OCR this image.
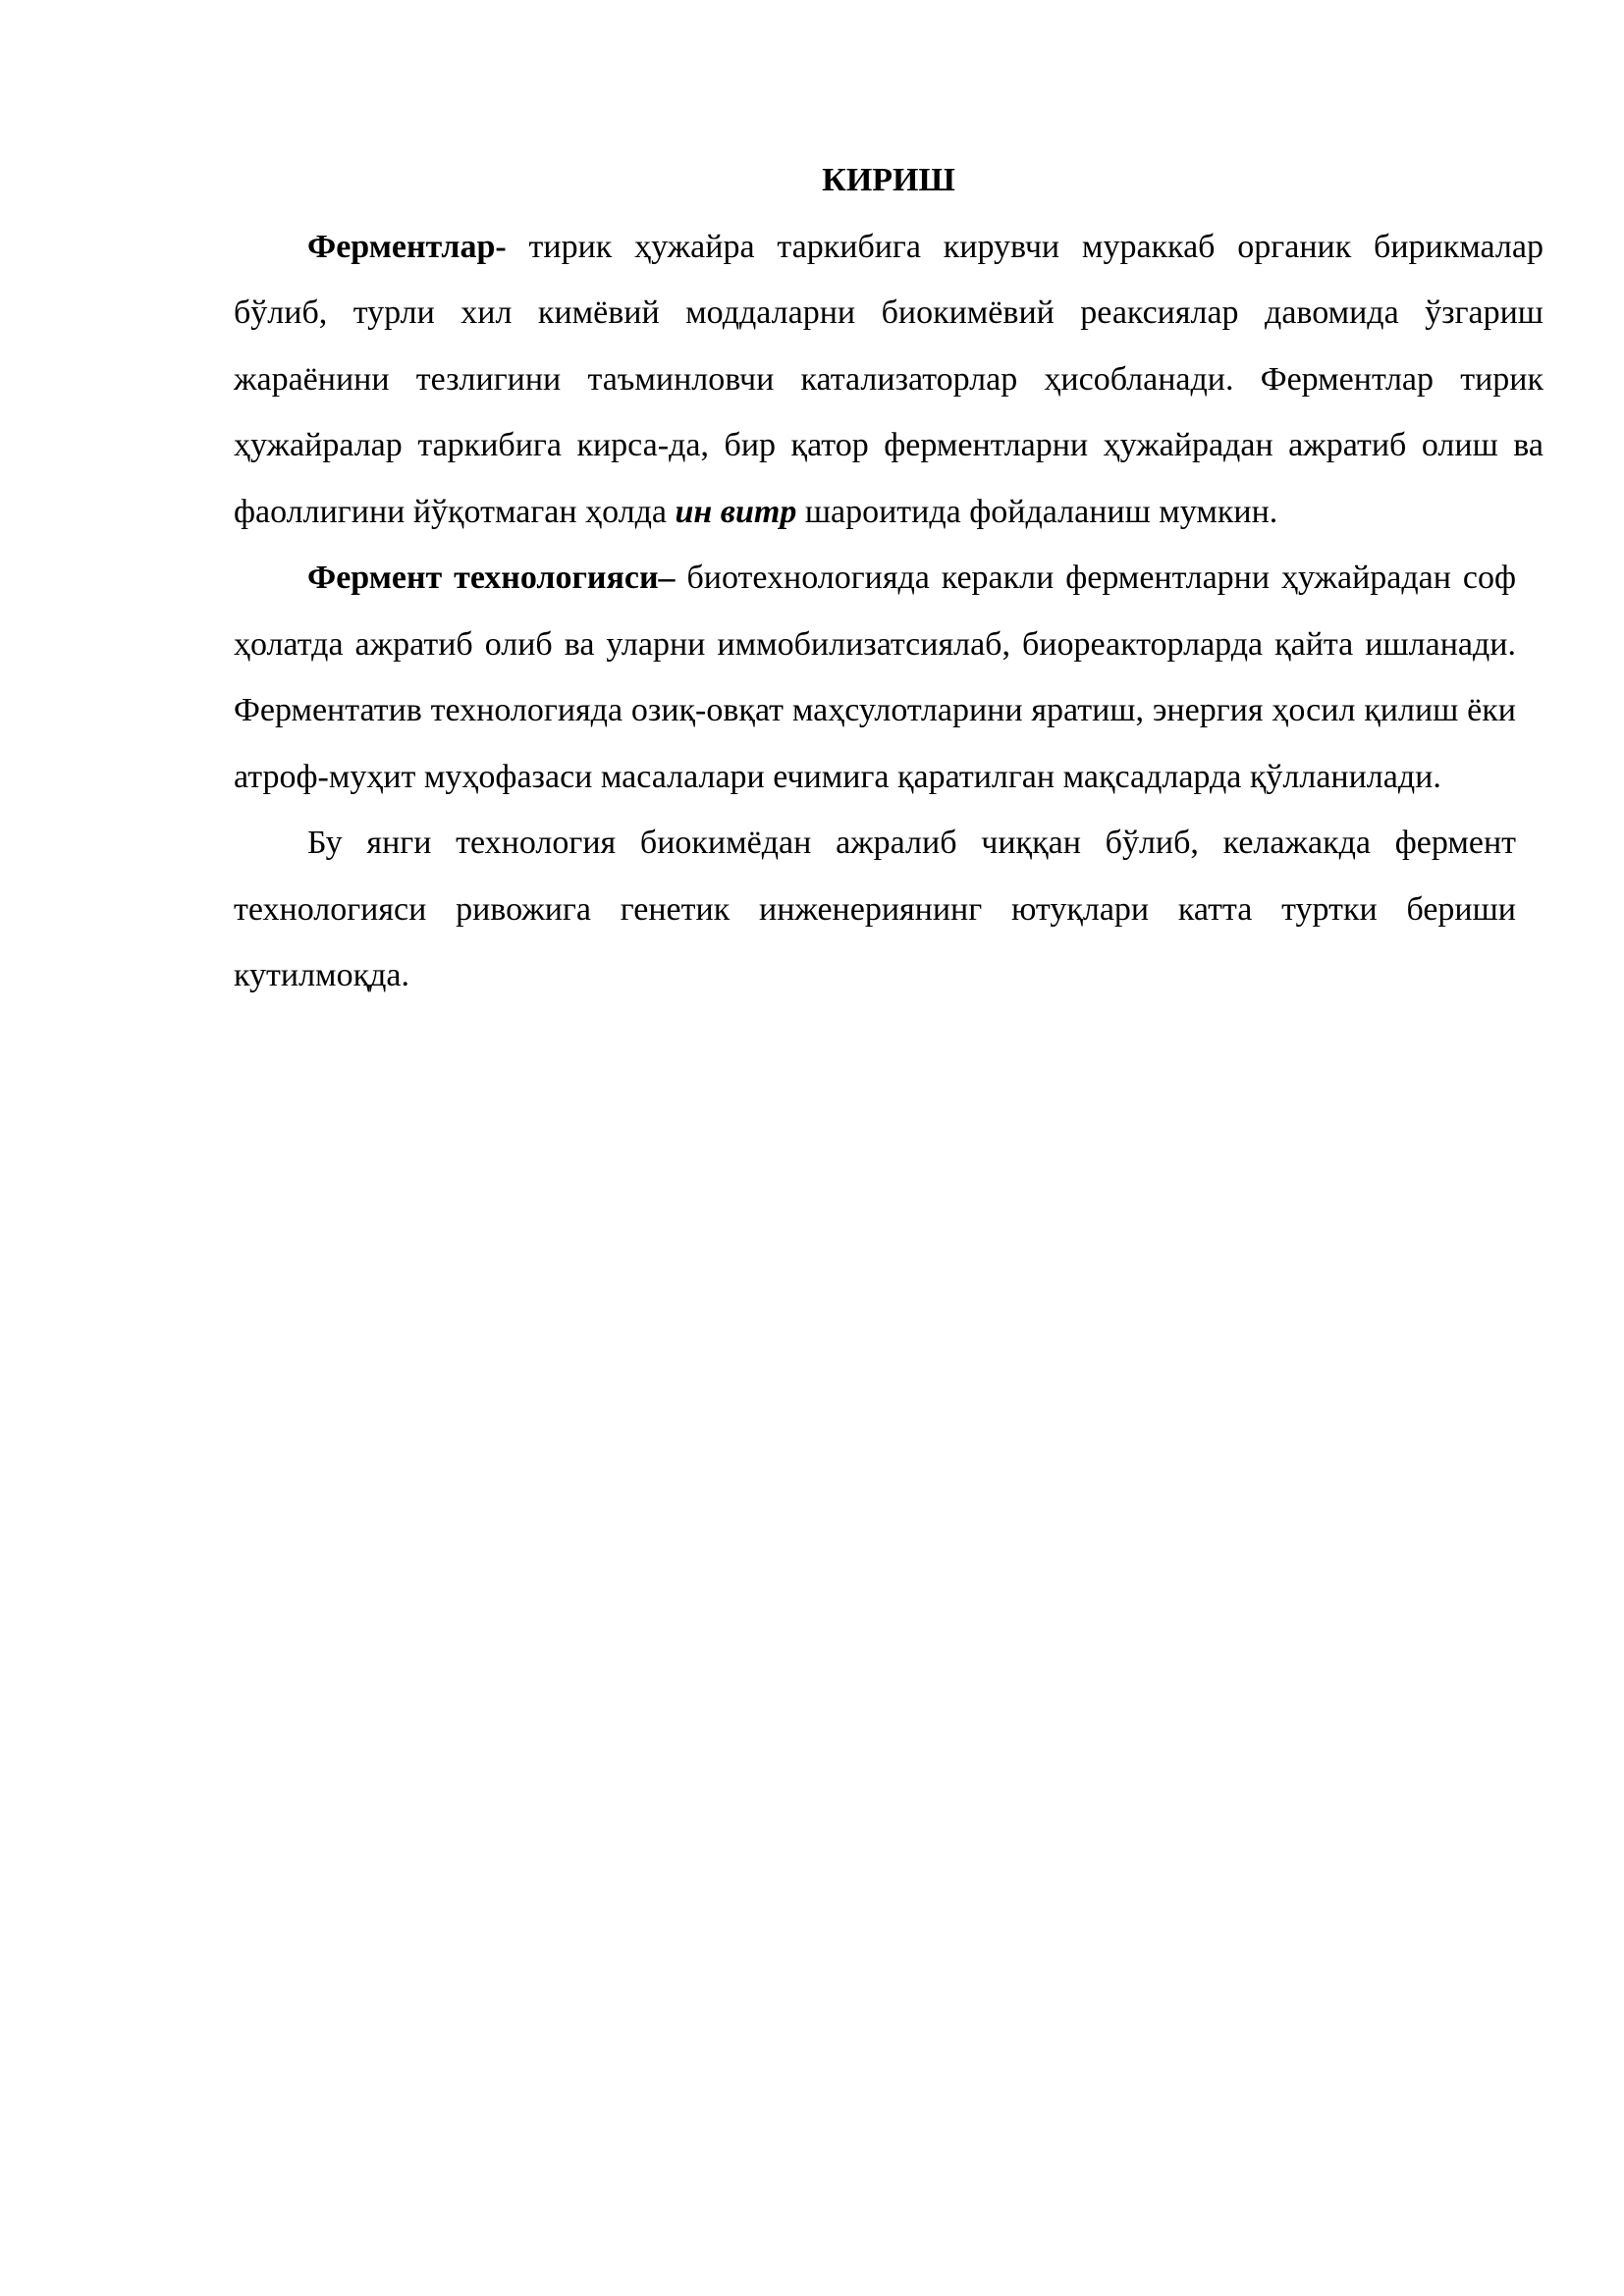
КИРИШ

Ферментлар- тирик ҳужайра таркибига кирувчи мураккаб органик бирикмалар бўлиб, турли хил кимёвий моддаларни биокимёвий реаксиялар давомида ўзгариш жараёнини тезлигини таъминловчи катализаторлар ҳисобланади. Ферментлар тирик ҳужайралар таркибига кирса-да, бир қатор ферментларни ҳужайрадан ажратиб олиш ва фаоллигини йўқотмаган ҳолда ин витр шароитида фойдаланиш мумкин.

Фермент технологияси– биотехнологияда керакли ферментларни ҳужайрадан соф ҳолатда ажратиб олиб ва уларни иммобилизатсиялаб, биореакторларда қайта ишланади. Ферментатив технологияда озиқ-овқат маҳсулотларини яратиш, энергия ҳосил қилиш ёки атроф-муҳит муҳофазаси масалалари ечимига қаратилган мақсадларда қўлланилади.

Бу янги технология биокимёдан ажралиб чиққан бўлиб, келажакда фермент технологияси ривожига генетик инженериянинг ютуқлари катта туртки бериши кутилмоқда.
